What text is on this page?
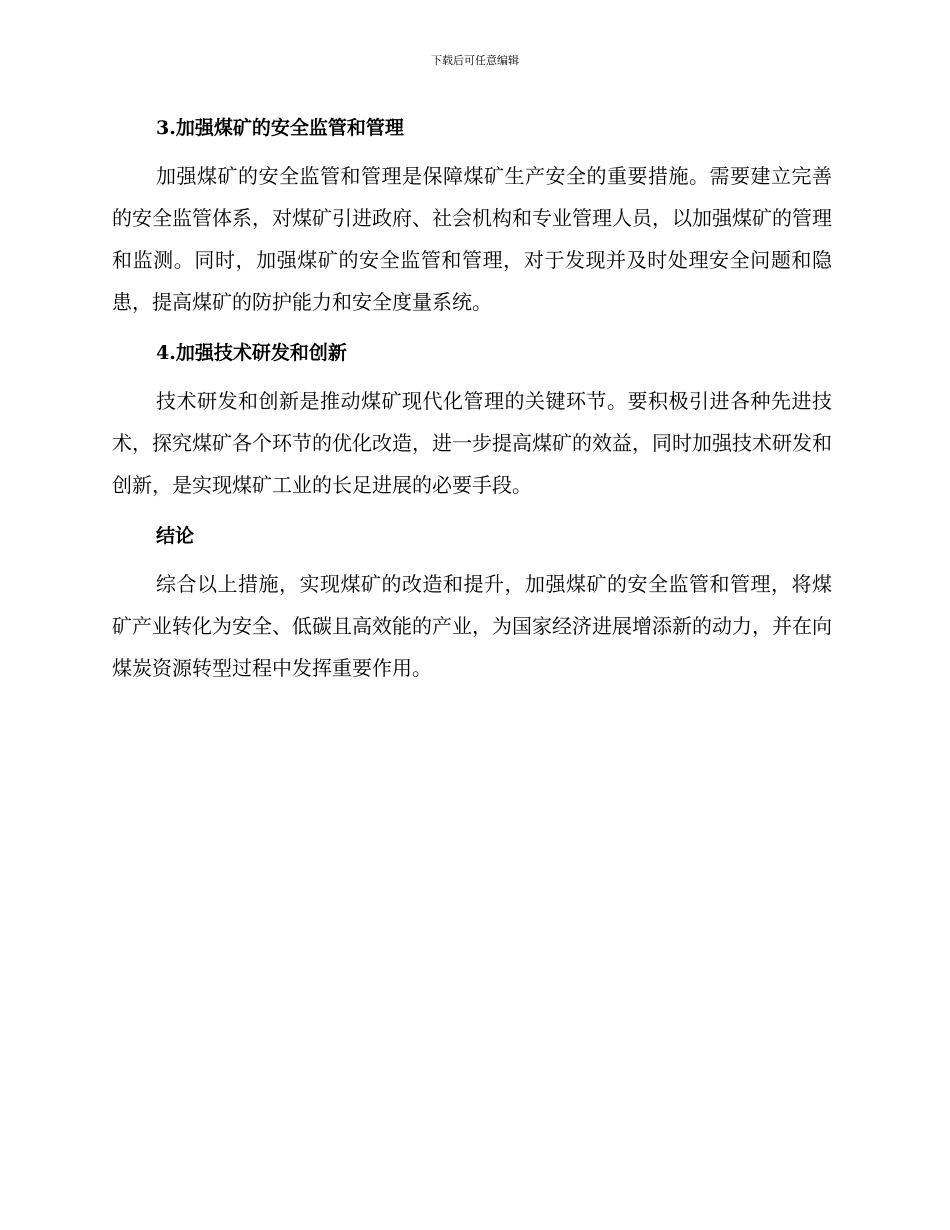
下载后可任意编辑
3.加强煤矿的安全监管和管理

加强煤矿的安全监管和管理是保障煤矿生产安全的重要措施。需要建立完善的安全监管体系，对煤矿引进政府、社会机构和专业管理人员，以加强煤矿的管理和监测。同时，加强煤矿的安全监管和管理，对于发现并及时处理安全问题和隐患，提高煤矿的防护能力和安全度量系统。

4.加强技术研发和创新

技术研发和创新是推动煤矿现代化管理的关键环节。要积极引进各种先进技术，探究煤矿各个环节的优化改造，进一步提高煤矿的效益，同时加强技术研发和创新，是实现煤矿工业的长足进展的必要手段。

结论

综合以上措施，实现煤矿的改造和提升，加强煤矿的安全监管和管理，将煤矿产业转化为安全、低碳且高效能的产业，为国家经济进展增添新的动力，并在向煤炭资源转型过程中发挥重要作用。
